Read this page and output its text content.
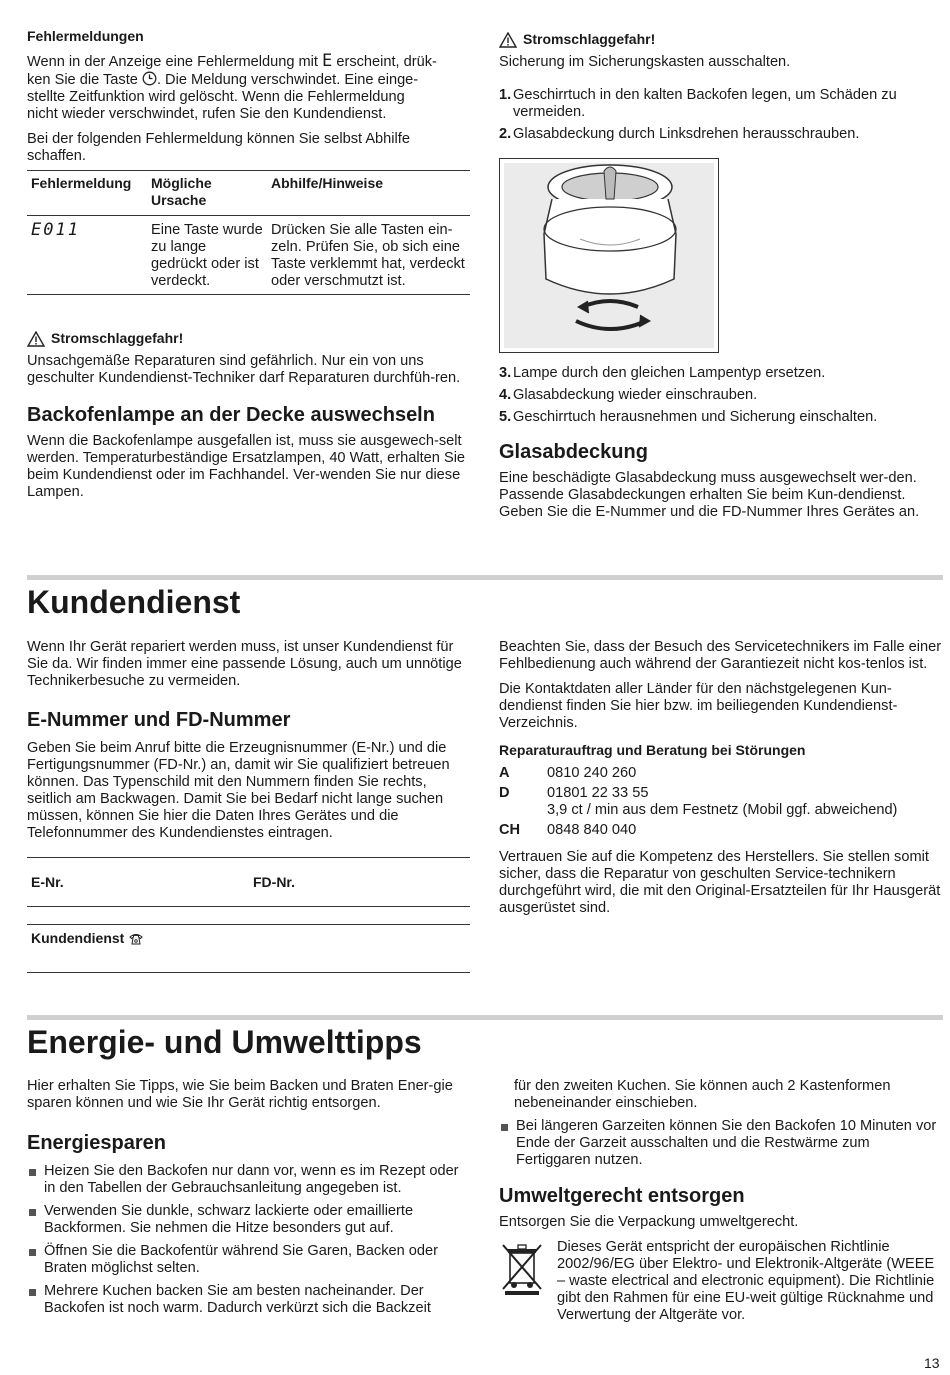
Fehlermeldungen

Wenn in der Anzeige eine Fehlermeldung mit E erscheint, drük-
ken Sie die Taste . Die Meldung verschwindet. Eine einge-
stellte Zeitfunktion wird gelöscht. Wenn die Fehlermeldung
nicht wieder verschwindet, rufen Sie den Kundendienst.

Bei der folgenden Fehlermeldung können Sie selbst Abhilfe schaffen.

Fehlermeldung	Mögliche Ursache	Abhilfe/Hinweise
E011	Eine Taste wurde zu lange gedrückt oder ist verdeckt.	Drücken Sie alle Tasten ein-zeln. Prüfen Sie, ob sich eine Taste verklemmt hat, verdeckt oder verschmutzt ist.
Stromschlaggefahr!

Unsachgemäße Reparaturen sind gefährlich. Nur ein von uns geschulter Kundendienst-Techniker darf Reparaturen durchfüh-ren.

Backofenlampe an der Decke auswechseln

Wenn die Backofenlampe ausgefallen ist, muss sie ausgewech-selt werden. Temperaturbeständige Ersatzlampen, 40 Watt, erhalten Sie beim Kundendienst oder im Fachhandel. Ver-wenden Sie nur diese Lampen.

Stromschlaggefahr!

Sicherung im Sicherungskasten ausschalten.

1. Geschirrtuch in den kalten Backofen legen, um Schäden zu vermeiden.
2. Glasabdeckung durch Linksdrehen herausschrauben.
3. Lampe durch den gleichen Lampentyp ersetzen.
4. Glasabdeckung wieder einschrauben.
5. Geschirrtuch herausnehmen und Sicherung einschalten.
Glasabdeckung

Eine beschädigte Glasabdeckung muss ausgewechselt wer-den. Passende Glasabdeckungen erhalten Sie beim Kun-dendienst. Geben Sie die E-Nummer und die FD-Nummer Ihres Gerätes an.

Kundendienst

Wenn Ihr Gerät repariert werden muss, ist unser Kundendienst für Sie da. Wir finden immer eine passende Lösung, auch um unnötige Technikerbesuche zu vermeiden.

E-Nummer und FD-Nummer

Geben Sie beim Anruf bitte die Erzeugnisnummer (E-Nr.) und die Fertigungsnummer (FD-Nr.) an, damit wir Sie qualifiziert betreuen können. Das Typenschild mit den Nummern finden Sie rechts, seitlich am Backwagen. Damit Sie bei Bedarf nicht lange suchen müssen, können Sie hier die Daten Ihres Gerätes und die Telefonnummer des Kundendienstes eintragen.

E-Nr.	FD-Nr.
Kundendienst

Beachten Sie, dass der Besuch des Servicetechnikers im Falle einer Fehlbedienung auch während der Garantiezeit nicht kos-tenlos ist.

Die Kontaktdaten aller Länder für den nächstgelegenen Kun-dendienst finden Sie hier bzw. im beiliegenden Kundendienst-Verzeichnis.

Reparaturauftrag und Beratung bei Störungen
A	0810 240 260
D	01801 22 33 55
3,9 ct / min aus dem Festnetz (Mobil ggf. abweichend)
CH	0848 840 040

Vertrauen Sie auf die Kompetenz des Herstellers. Sie stellen somit sicher, dass die Reparatur von geschulten Service-technikern durchgeführt wird, die mit den Original-Ersatzteilen für Ihr Hausgerät ausgerüstet sind.

Energie- und Umwelttipps

Hier erhalten Sie Tipps, wie Sie beim Backen und Braten Ener-gie sparen können und wie Sie Ihr Gerät richtig entsorgen.

Energiesparen
Heizen Sie den Backofen nur dann vor, wenn es im Rezept oder in den Tabellen der Gebrauchsanleitung angegeben ist.
Verwenden Sie dunkle, schwarz lackierte oder emaillierte Backformen. Sie nehmen die Hitze besonders gut auf.
Öffnen Sie die Backofentür während Sie Garen, Backen oder Braten möglichst selten.
Mehrere Kuchen backen Sie am besten nacheinander. Der Backofen ist noch warm. Dadurch verkürzt sich die Backzeit

für den zweiten Kuchen. Sie können auch 2 Kastenformen nebeneinander einschieben.

Bei längeren Garzeiten können Sie den Backofen 10 Minuten vor Ende der Garzeit ausschalten und die Restwärme zum Fertiggaren nutzen.
Umweltgerecht entsorgen

Entsorgen Sie die Verpackung umweltgerecht.

Dieses Gerät entspricht der europäischen Richtlinie 2002/96/EG über Elektro- und Elektronik-Altgeräte (WEEE – waste electrical and electronic equipment). Die Richtlinie gibt den Rahmen für eine EU-weit gültige Rücknahme und Verwertung der Altgeräte vor.

13
